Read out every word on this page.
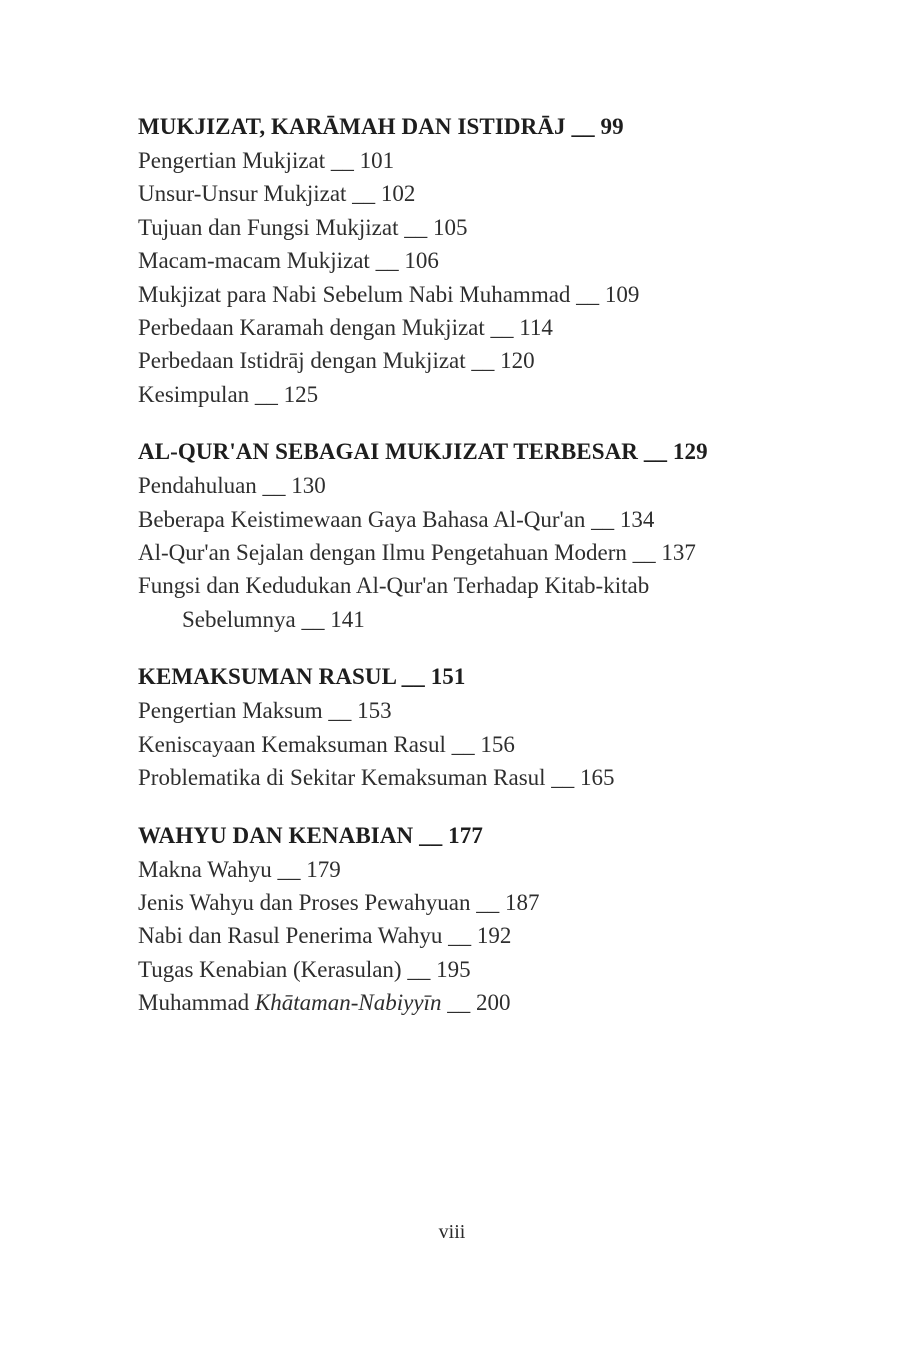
MUKJIZAT, KARĀMAH DAN ISTIDRĀJ __ 99
Pengertian Mukjizat __ 101
Unsur-Unsur Mukjizat __ 102
Tujuan dan Fungsi Mukjizat __ 105
Macam-macam Mukjizat __ 106
Mukjizat para Nabi Sebelum Nabi Muhammad __ 109
Perbedaan Karamah dengan Mukjizat __ 114
Perbedaan Istidrāj dengan Mukjizat __ 120
Kesimpulan __ 125
AL-QUR'AN SEBAGAI MUKJIZAT TERBESAR __ 129
Pendahuluan __ 130
Beberapa Keistimewaan Gaya Bahasa Al-Qur'an __ 134
Al-Qur'an Sejalan dengan Ilmu Pengetahuan Modern __ 137
Fungsi dan Kedudukan Al-Qur'an Terhadap Kitab-kitab
Sebelumnya __ 141
KEMAKSUMAN RASUL __ 151
Pengertian Maksum __ 153
Keniscayaan Kemaksuman Rasul __ 156
Problematika di Sekitar Kemaksuman Rasul __ 165
WAHYU DAN KENABIAN __ 177
Makna Wahyu __ 179
Jenis Wahyu dan Proses Pewahyuan __ 187
Nabi dan Rasul Penerima Wahyu __ 192
Tugas Kenabian (Kerasulan) __ 195
Muhammad Khātaman-Nabiyyīn __ 200
viii
